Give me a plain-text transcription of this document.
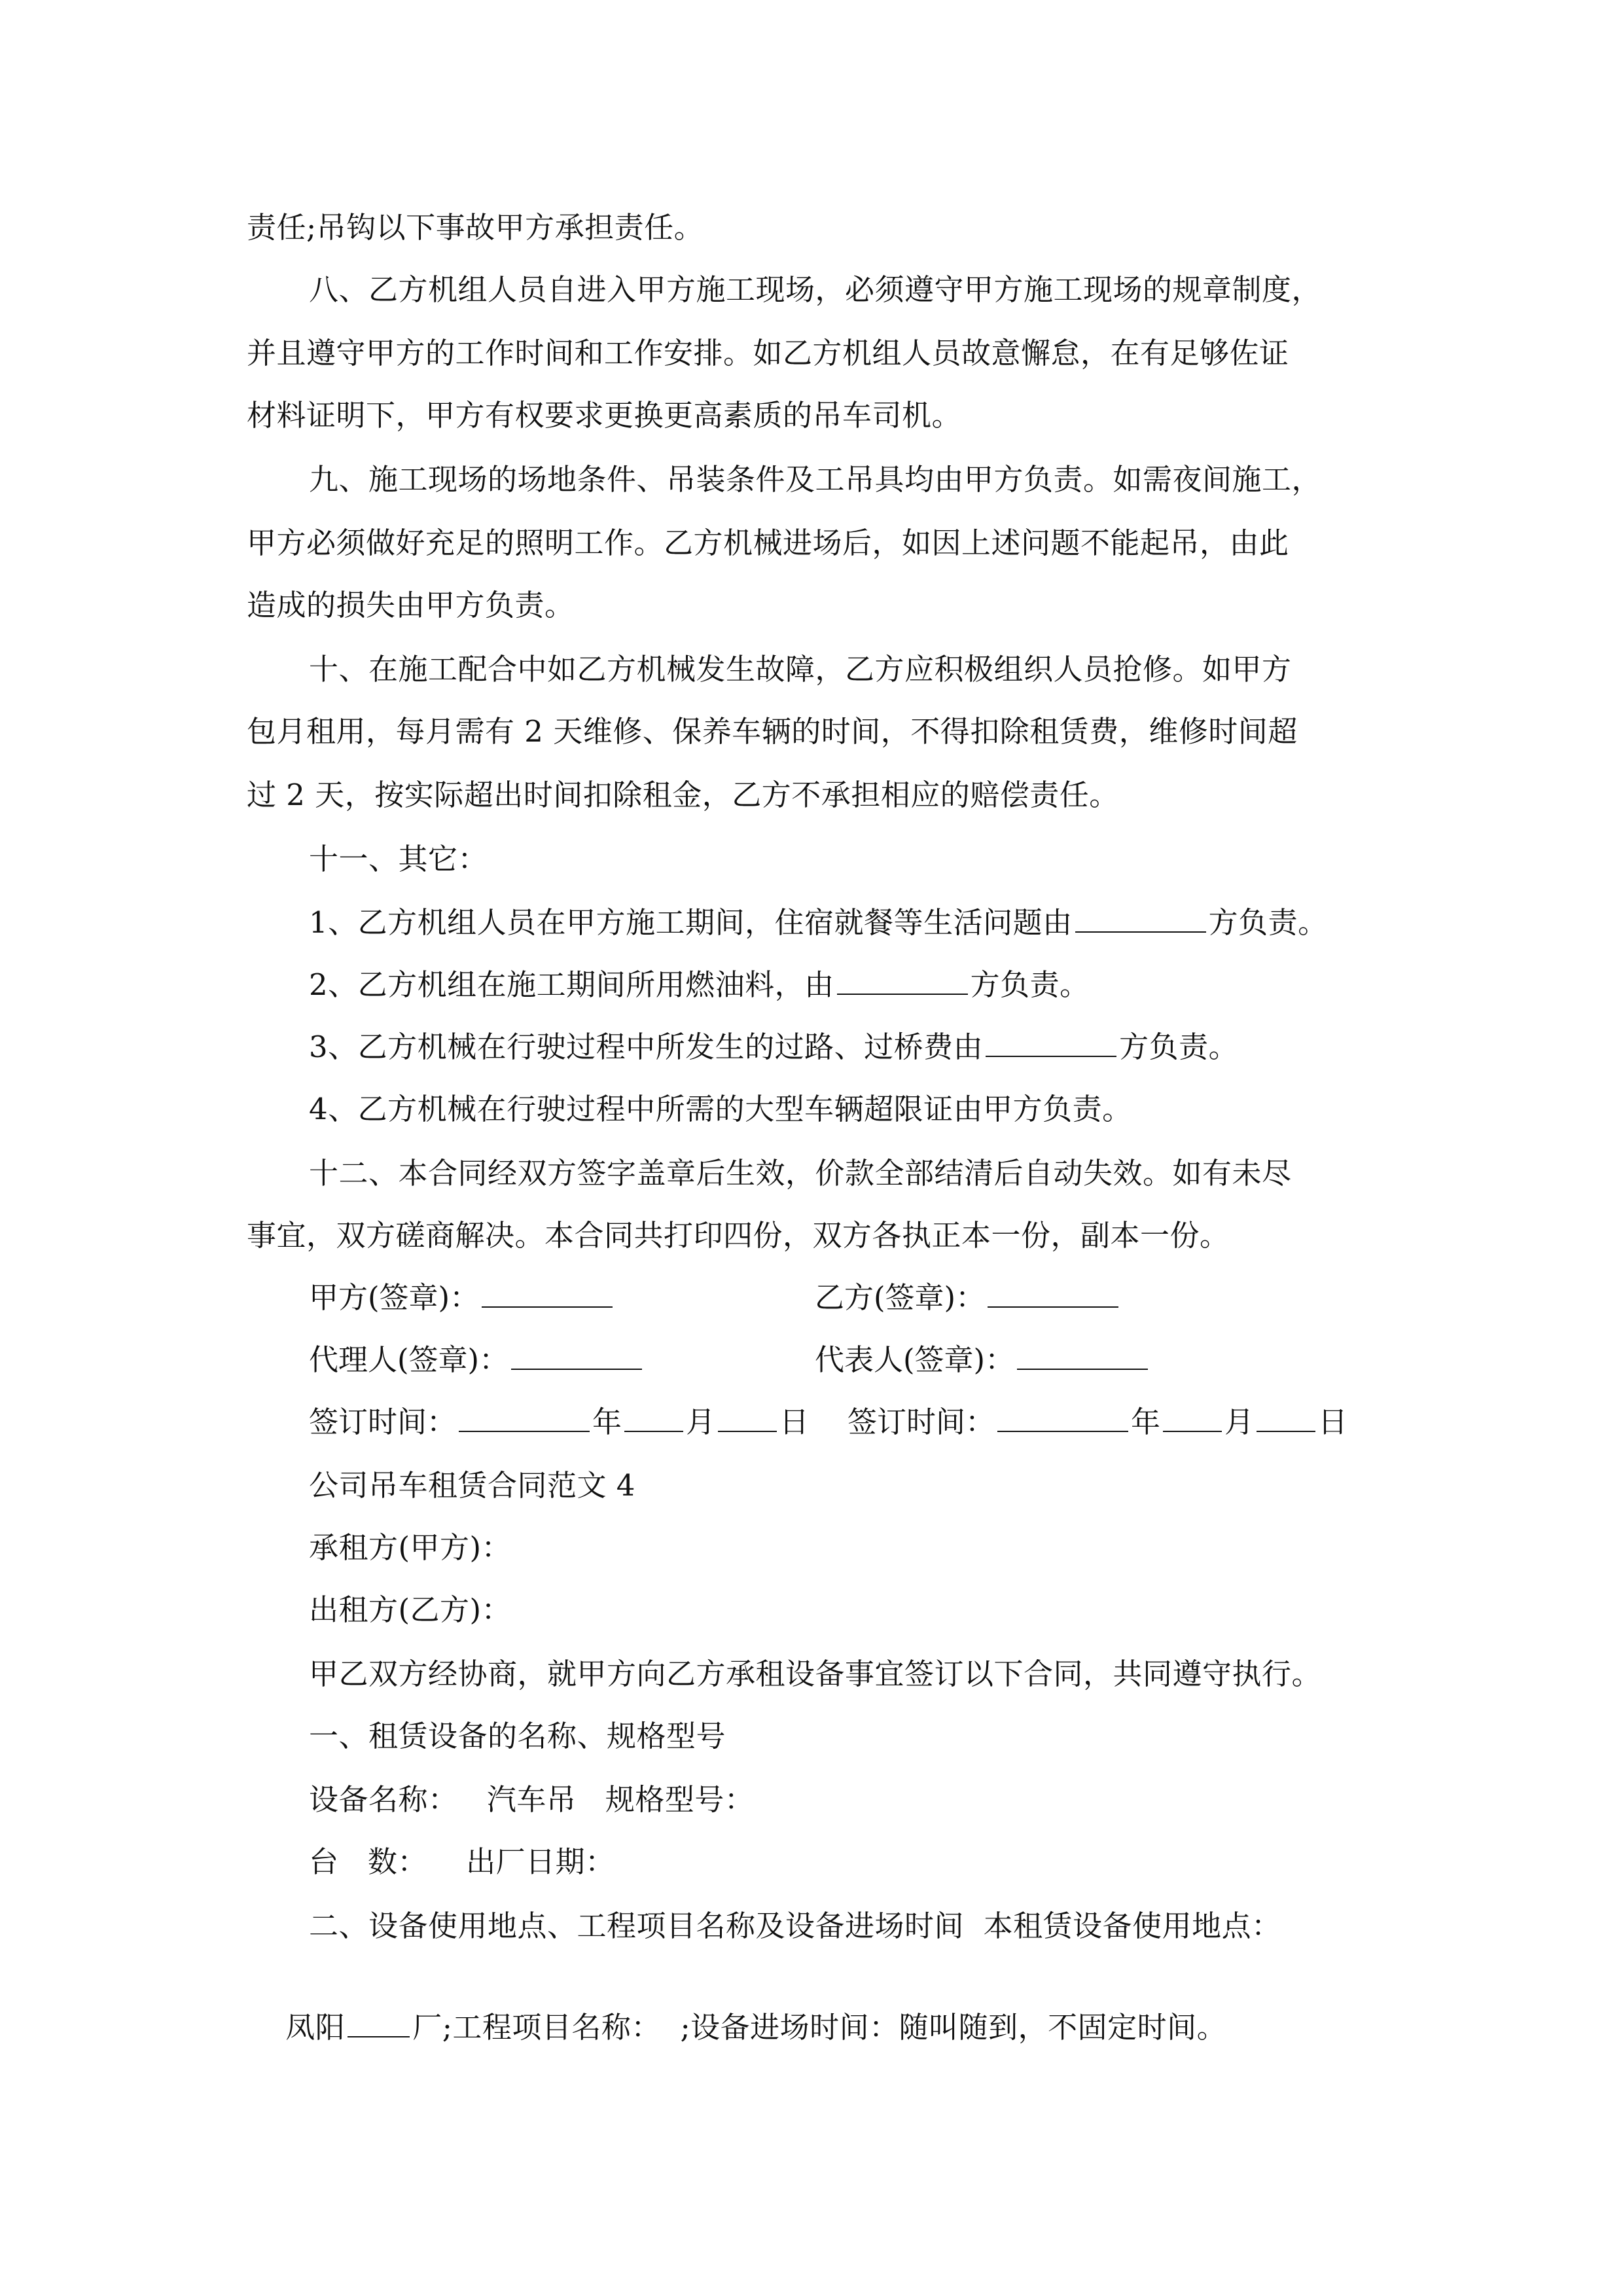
责任;吊钩以下事故甲方承担责任。
八、乙方机组人员自进入甲方施工现场，必须遵守甲方施工现场的规章制度，
并且遵守甲方的工作时间和工作安排。如乙方机组人员故意懈怠，在有足够佐证
材料证明下，甲方有权要求更换更高素质的吊车司机。
九、施工现场的场地条件、吊装条件及工吊具均由甲方负责。如需夜间施工，
甲方必须做好充足的照明工作。乙方机械进场后，如因上述问题不能起吊，由此
造成的损失由甲方负责。
十、在施工配合中如乙方机械发生故障，乙方应积极组织人员抢修。如甲方
包月租用，每月需有 2 天维修、保养车辆的时间，不得扣除租赁费，维修时间超
过 2 天，按实际超出时间扣除租金，乙方不承担相应的赔偿责任。
十一、其它：
1、乙方机组人员在甲方施工期间，住宿就餐等生活问题由	方负责。
2、乙方机组在施工期间所用燃油料，由	方负责。
3、乙方机械在行驶过程中所发生的过路、过桥费由	方负责。
4、乙方机械在行驶过程中所需的大型车辆超限证由甲方负责。
十二、本合同经双方签字盖章后生效，价款全部结清后自动失效。如有未尽
事宜，双方磋商解决。本合同共打印四份，双方各执正本一份，副本一份。
甲方(签章)：	乙方(签章)：
代理人(签章)：	代表人(签章)：
签订时间：	年 月 日 签订时间：	年 月 日
公司吊车租赁合同范文 4
承租方(甲方)：
出租方(乙方)：
甲乙双方经协商，就甲方向乙方承租设备事宜签订以下合同，共同遵守执行。
一、租赁设备的名称、规格型号
设备名称：   汽车吊   规格型号：
台   数：    出厂日期：
二、设备使用地点、工程项目名称及设备进场时间  本租赁设备使用地点：

凤阳 厂;工程项目名称：  ;设备进场时间：随叫随到，不固定时间。
